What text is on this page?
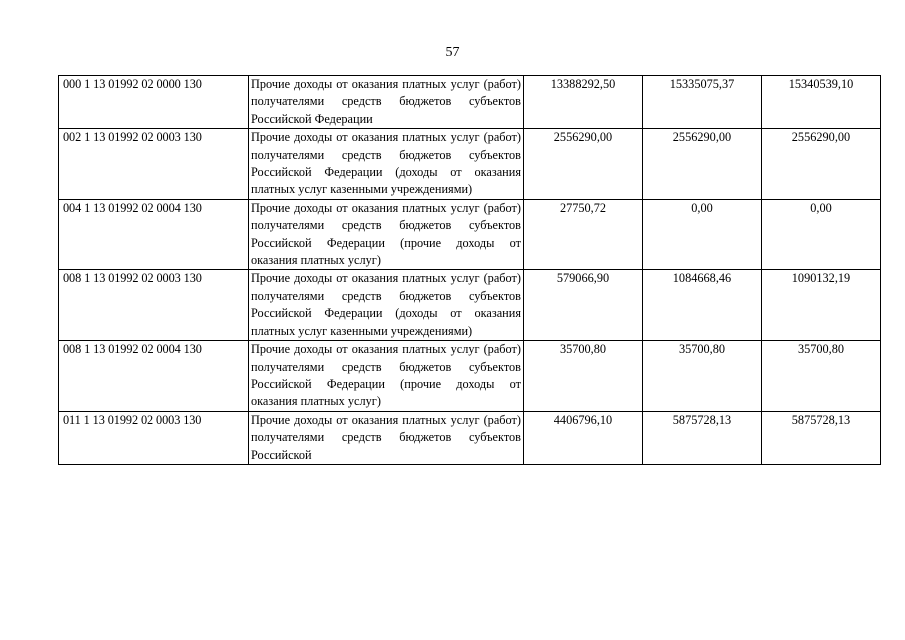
57
000 1 13 01992 02 0000 130	Прочие доходы от оказания платных услуг (работ) получателями средств бюджетов субъектов Российской Федерации	13388292,50	15335075,37	15340539,10
002 1 13 01992 02 0003 130	Прочие доходы от оказания платных услуг (работ) получателями средств бюджетов субъектов Российской Федерации (доходы от оказания платных услуг казенными учреждениями)	2556290,00	2556290,00	2556290,00
004 1 13 01992 02 0004 130	Прочие доходы от оказания платных услуг (работ) получателями средств бюджетов субъектов Российской Федерации (прочие доходы от оказания платных услуг)	27750,72	0,00	0,00
008 1 13 01992 02 0003 130	Прочие доходы от оказания платных услуг (работ) получателями средств бюджетов субъектов Российской Федерации (доходы от оказания платных услуг казенными учреждениями)	579066,90	1084668,46	1090132,19
008 1 13 01992 02 0004 130	Прочие доходы от оказания платных услуг (работ) получателями средств бюджетов субъектов Российской Федерации (прочие доходы от оказания платных услуг)	35700,80	35700,80	35700,80
011 1 13 01992 02 0003 130	Прочие доходы от оказания платных услуг (работ) получателями средств бюджетов субъектов Российской	4406796,10	5875728,13	5875728,13
